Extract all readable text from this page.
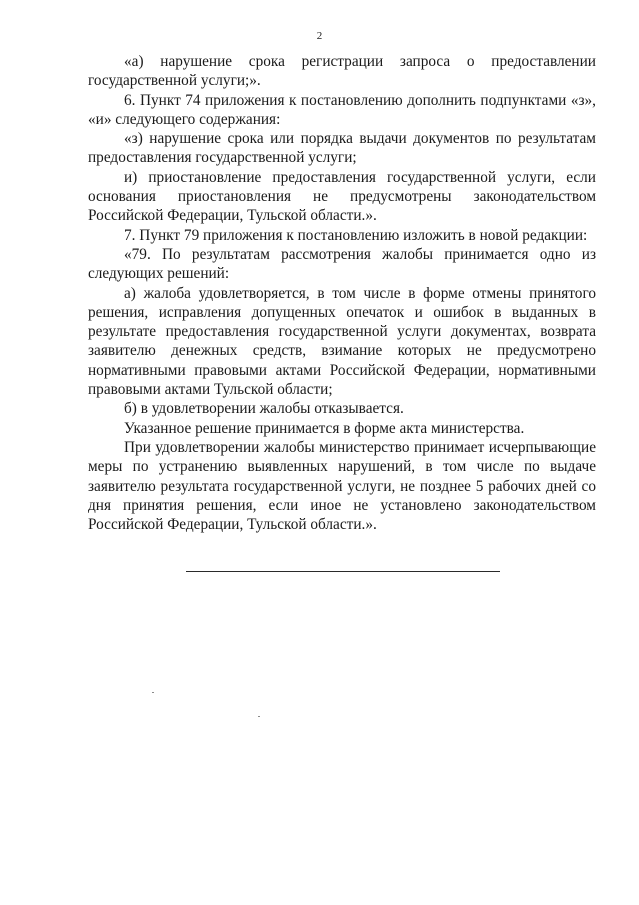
2

«а) нарушение срока регистрации запроса о предоставлении государственной услуги;».

6. Пункт 74 приложения к постановлению дополнить подпунктами «з», «и» следующего содержания:

«з) нарушение срока или порядка выдачи документов по результатам предоставления государственной услуги;

и) приостановление предоставления государственной услуги, если основания приостановления не предусмотрены законодательством Российской Федерации, Тульской области.».

7. Пункт 79 приложения к постановлению изложить в новой редакции:

«79. По результатам рассмотрения жалобы принимается одно из следующих решений:

а) жалоба удовлетворяется, в том числе в форме отмены принятого решения, исправления допущенных опечаток и ошибок в выданных в результате предоставления государственной услуги документах, возврата заявителю денежных средств, взимание которых не предусмотрено нормативными правовыми актами Российской Федерации, нормативными правовыми актами Тульской области;

б) в удовлетворении жалобы отказывается.

Указанное решение принимается в форме акта министерства.

При удовлетворении жалобы министерство принимает исчерпывающие меры по устранению выявленных нарушений, в том числе по выдаче заявителю результата государственной услуги, не позднее 5 рабочих дней со дня принятия решения, если иное не установлено законодательством Российской Федерации, Тульской области.».
